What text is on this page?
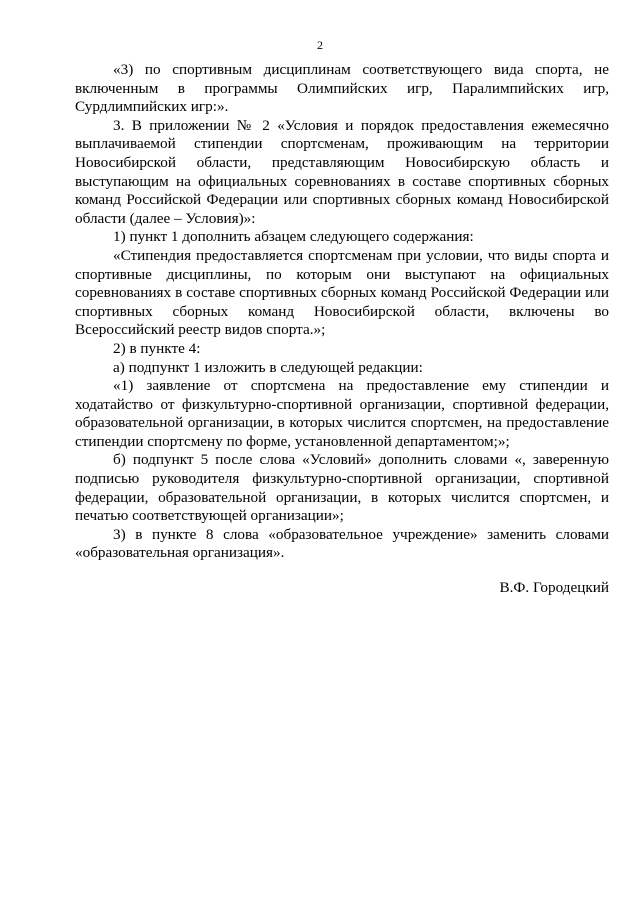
2

«3) по спортивным дисциплинам соответствующего вида спорта, не включенным в программы Олимпийских игр, Паралимпийских игр, Сурдлимпийских игр:».

3. В приложении № 2 «Условия и порядок предоставления ежемесячно выплачиваемой стипендии спортсменам, проживающим на территории Новосибирской области, представляющим Новосибирскую область и выступающим на официальных соревнованиях в составе спортивных сборных команд Российской Федерации или спортивных сборных команд Новосибирской области (далее – Условия)»:

1) пункт 1 дополнить абзацем следующего содержания:

«Стипендия предоставляется спортсменам при условии, что виды спорта и спортивные дисциплины, по которым они выступают на официальных соревнованиях в составе спортивных сборных команд Российской Федерации или спортивных сборных команд Новосибирской области, включены во Всероссийский реестр видов спорта.»;

2) в пункте 4:

а) подпункт 1 изложить в следующей редакции:

«1) заявление от спортсмена на предоставление ему стипендии и ходатайство от физкультурно-спортивной организации, спортивной федерации, образовательной организации, в которых числится спортсмен, на предоставление стипендии спортсмену по форме, установленной департаментом;»;

б) подпункт 5 после слова «Условий» дополнить словами «, заверенную подписью руководителя физкультурно-спортивной организации, спортивной федерации, образовательной организации, в которых числится спортсмен, и печатью соответствующей организации»;

3) в пункте 8 слова «образовательное учреждение» заменить словами «образовательная организация».

В.Ф. Городецкий
